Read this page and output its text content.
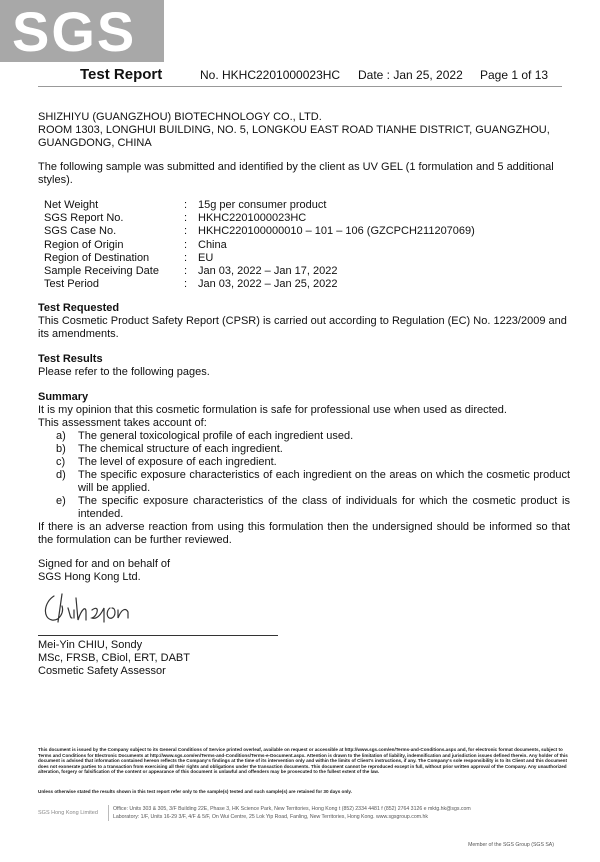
SGS
Test Report	No. HKHC2201000023HC Date : Jan 25, 2022 Page 1 of 13

SHIZHIYU (GUANGZHOU) BIOTECHNOLOGY CO., LTD.

ROOM 1303, LONGHUI BUILDING, NO. 5, LONGKOU EAST ROAD TIANHE DISTRICT, GUANGZHOU,

GUANGDONG, CHINA

The following sample was submitted and identified by the client as UV GEL (1 formulation and 5 additional styles).
Net Weight	: 15g per consumer product
SGS Report No.	: HKHC2201000023HC
SGS Case No.	: HKHC220100000010 – 101 – 106 (GZCPCH211207069)
Region of Origin	: China
Region of Destination	: EU
Sample Receiving Date	: Jan 03, 2022 – Jan 17, 2022
Test Period	: Jan 03, 2022 – Jan 25, 2022
Test Requested

This Cosmetic Product Safety Report (CPSR) is carried out according to Regulation (EC) No. 1223/2009 and its amendments.

Test Results

Please refer to the following pages.

Summary

It is my opinion that this cosmetic formulation is safe for professional use when used as directed.

This assessment takes account of:

a)	The general toxicological profile of each ingredient used.
b)	The chemical structure of each ingredient.
c)	The level of exposure of each ingredient.
d)	The specific exposure characteristics of each ingredient on the areas on which the cosmetic product will be applied.
e)	The specific exposure characteristics of the class of individuals for which the cosmetic product is intended.

If there is an adverse reaction from using this formulation then the undersigned should be informed so that the formulation can be further reviewed.

Signed for and on behalf of

SGS Hong Kong Ltd.

Mei-Yin CHIU, Sondy

MSc, FRSB, CBiol, ERT, DABT

Cosmetic Safety Assessor

This document is issued by the Company subject to its General Conditions of Service printed overleaf, available on request or accessible at http://www.sgs.com/en/Terms-and-Conditions.aspx and, for electronic format documents, subject to Terms and Conditions for Electronic Documents at http://www.sgs.com/en/Terms-and-Conditions/Terms-e-Document.aspx. Attention is drawn to the limitation of liability, indemnification and jurisdiction issues defined therein. Any holder of this document is advised that information contained hereon reflects the Company's findings at the time of its intervention only and within the limits of Client's instructions, if any. The Company's sole responsibility is to its Client and this document does not exonerate parties to a transaction from exercising all their rights and obligations under the transaction documents. This document cannot be reproduced except in full, without prior written approval of the Company. Any unauthorized alteration, forgery or falsification of the content or appearance of this document is unlawful and offenders may be prosecuted to the fullest extent of the law.
Unless otherwise stated the results shown in this test report refer only to the sample(s) tested and such sample(s) are retained for 30 days only.
SGS Hong Kong Limited
Office: Units 303 & 305, 3/F Building 22E, Phase 3, HK Science Park, New Territories, Hong Kong t (852) 2334 4481 f (852) 2764 3126 e mktg.hk@sgs.com
Laboratory: 1/F, Units 16-29 3/F, 4/F & 5/F, On Wui Centre, 25 Lok Yip Road, Fanling, New Territories, Hong Kong. www.sgsgroup.com.hk
Member of the SGS Group (SGS SA)
